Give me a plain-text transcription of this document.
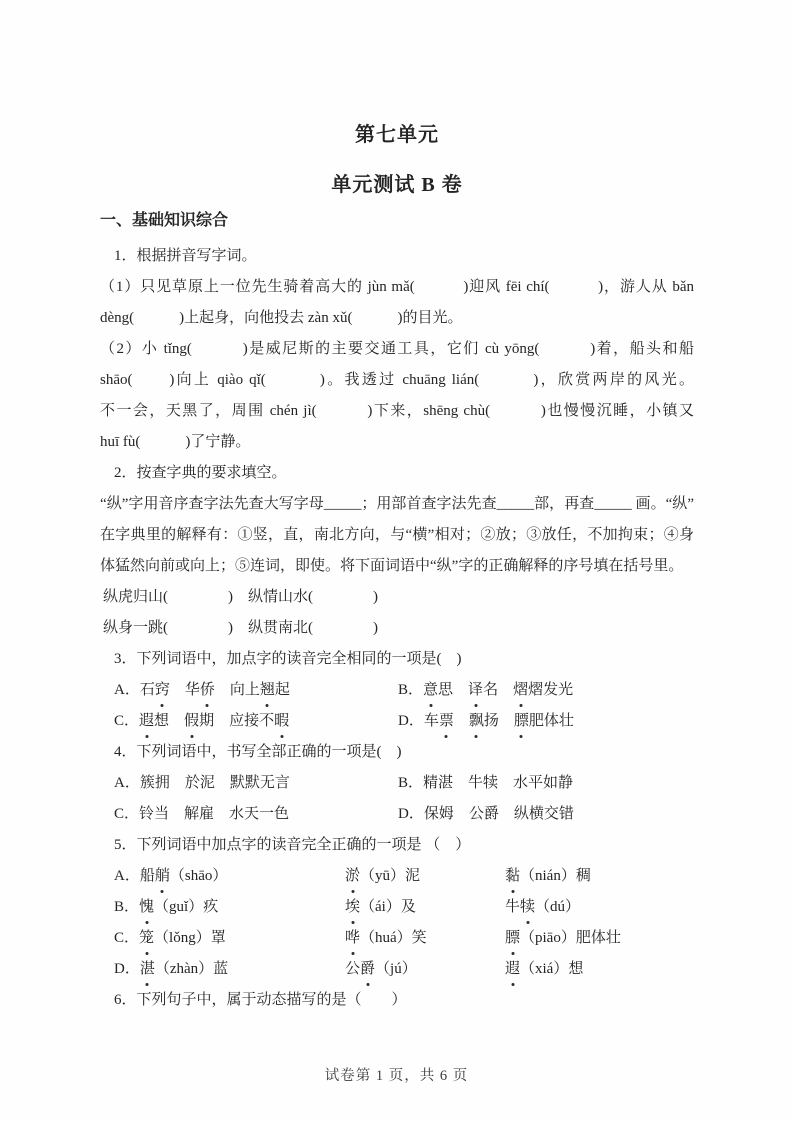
第七单元
单元测试 B 卷
一、基础知识综合
1．根据拼音写字词。
（1）只见草原上一位先生骑着高大的 jùn mǎ(　　　)迎风 fēi chí(　　　)，游人从 bǎn
dèng(　　　)上起身，向他投去 zàn xǔ(　　　)的目光。
（2）小 tǐng(　　　)是威尼斯的主要交通工具，它们 cù yōng(　　　)着，船头和船
shāo(　　)向上 qiào qǐ(　　　)。我透过 chuāng lián(　　　)，欣赏两岸的风光。
不一会，天黑了，周围 chén jì(　　　)下来，shēng chù(　　　)也慢慢沉睡，小镇又
huī fù(　　　)了宁静。
2．按查字典的要求填空。
“纵”字用音序查字法先查大写字母_____；用部首查字法先查_____部，再查_____ 画。“纵”
在字典里的解释有：①竖，直，南北方向，与“横”相对；②放；③放任，不加拘束；④身
体猛然向前或向上；⑤连词，即使。将下面词语中“纵”字的正确解释的序号填在括号里。
纵虎归山(　　　　)　纵情山水(　　　　)
纵身一跳(　　　　)　纵贯南北(　　　　)
3．下列词语中，加点字的读音完全相同的一项是(　)
A．石窍　华侨　向上翘起	B．意思　译名　熠熠发光
C．遐想　假期　应接不暇	D．车票　 飘扬　膘肥体壮
4．下列词语中，书写全部正确的一项是(　)
A．簇拥　於泥　默默无言	B．精湛　牛犊　水平如静
C．铃当　解雇　水天一色	D．保姆　公爵　纵横交错
5．下列词语中加点字的读音完全正确的一项是 （　）
A．船艄（shāo）	淤（yū）泥	黏（nián）稠
B．愧（guǐ）疚	埃（ái）及	牛犊（dú）
C．笼（lǒng）罩	哗（huá）笑	膘（piāo）肥体壮
D．湛（zhàn）蓝	公爵（jú）	遐（xiá）想
6．下列句子中，属于动态描写的是（　　）
试卷第 1 页，共 6 页
